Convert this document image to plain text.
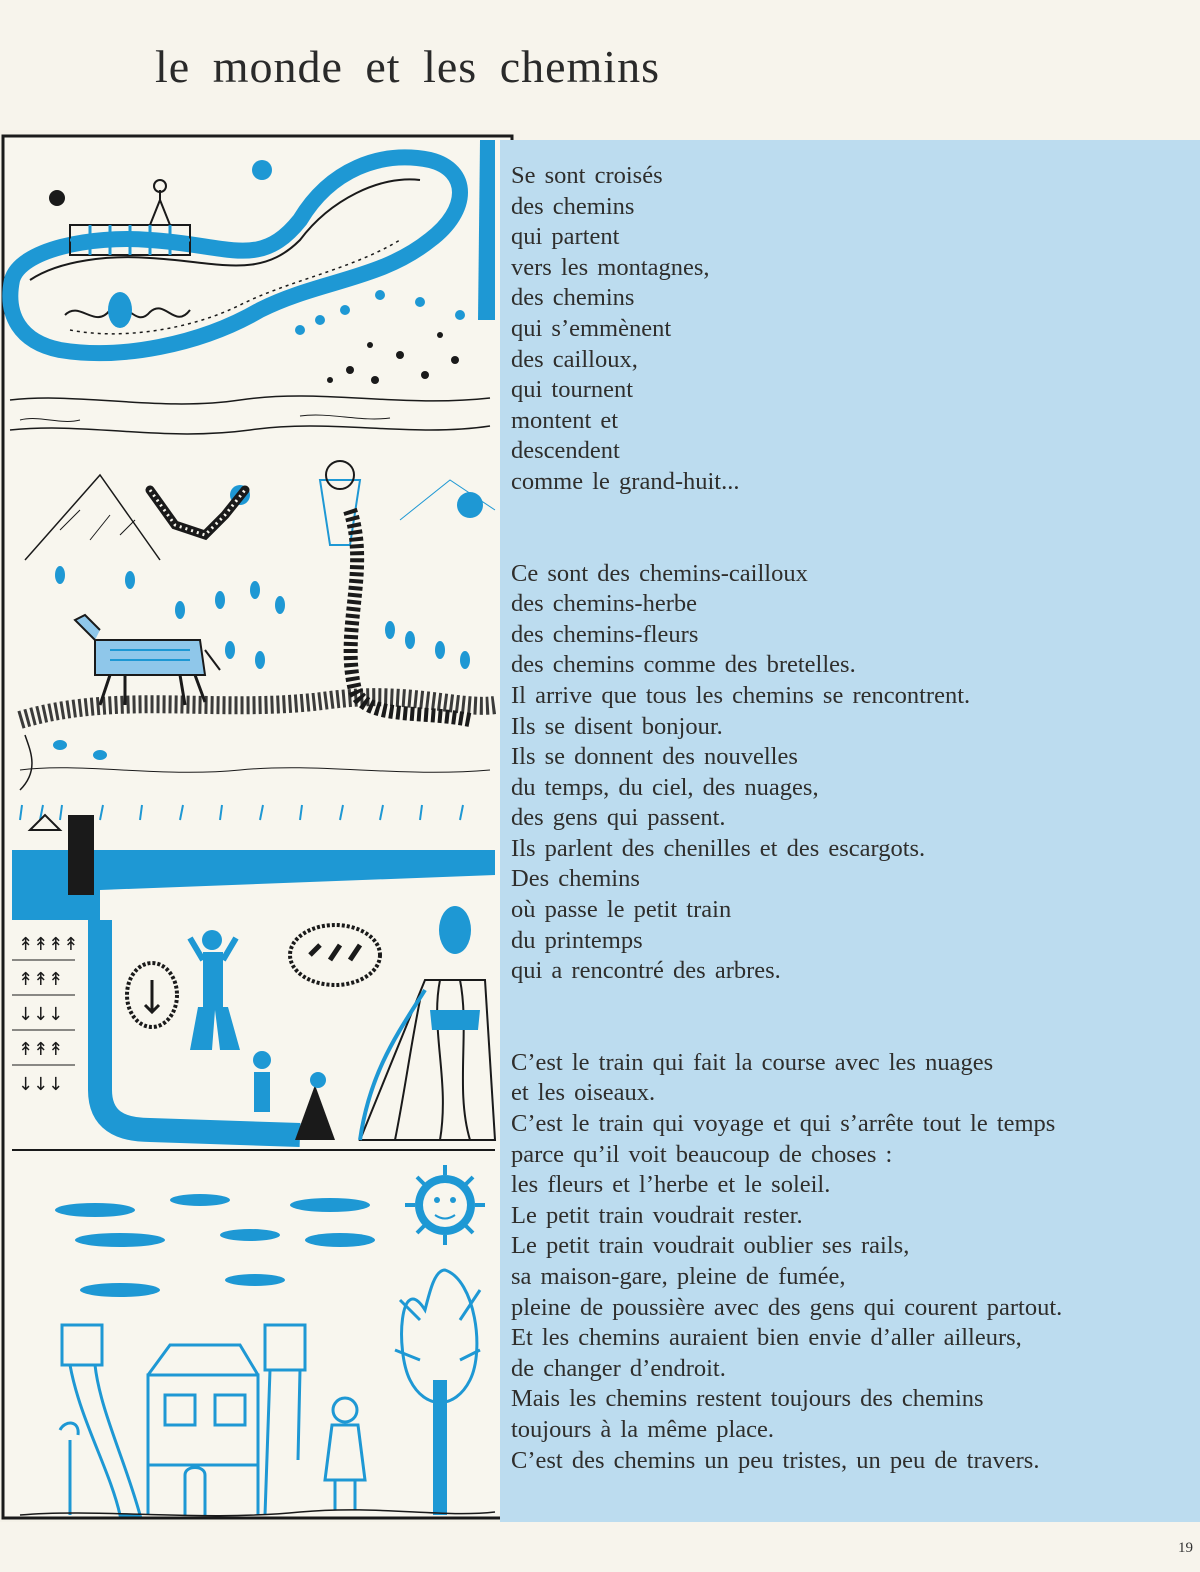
le monde et les chemins
↟↟↟↟
↟↟↟
↓↓↓
↟↟↟
↓↓↓
Se sont croisés
des chemins
qui partent
vers les montagnes,
des chemins
qui s’emmènent
des cailloux,
qui tournent
montent et
descendent
comme le grand-huit...
Ce sont des chemins-cailloux
des chemins-herbe
des chemins-fleurs
des chemins comme des bretelles.
Il arrive que tous les chemins se rencontrent.
Ils se disent bonjour.
Ils se donnent des nouvelles
du temps, du ciel, des nuages,
des gens qui passent.
Ils parlent des chenilles et des escargots.
Des chemins
où passe le petit train
du printemps
qui a rencontré des arbres.
C’est le train qui fait la course avec les nuages
et les oiseaux.
C’est le train qui voyage et qui s’arrête tout le temps
parce qu’il voit beaucoup de choses :
les fleurs et l’herbe et le soleil.
Le petit train voudrait rester.
Le petit train voudrait oublier ses rails,
sa maison-gare, pleine de fumée,
pleine de poussière avec des gens qui courent partout.
Et les chemins auraient bien envie d’aller ailleurs,
de changer d’endroit.
Mais les chemins restent toujours des chemins
toujours à la même place.
C’est des chemins un peu tristes, un peu de travers.
19
